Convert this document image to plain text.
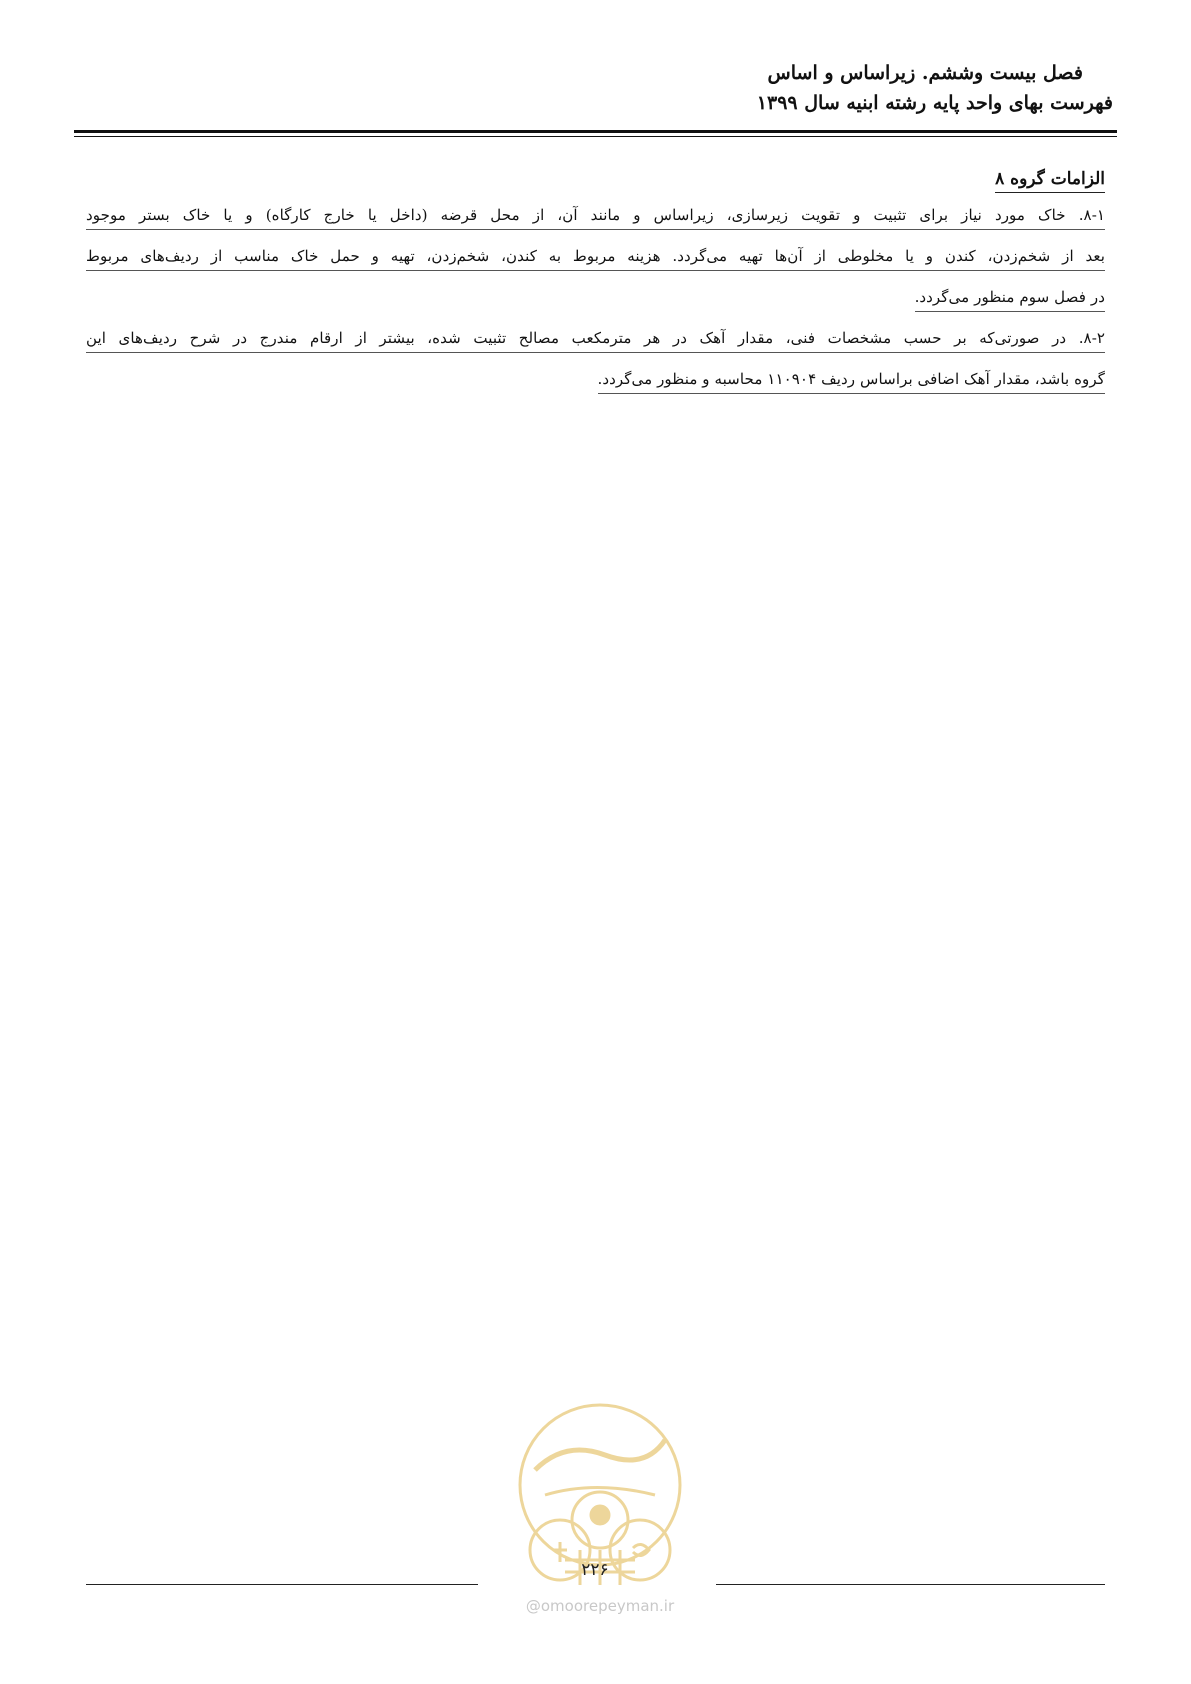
فصل بیست وششم. زیراساس و اساس
فهرست بهای واحد پایه رشته ابنیه سال ۱۳۹۹
الزامات گروه ۸
۸-۱. خاک مورد نیاز برای تثبیت و تقویت زیرسازی، زیراساس و مانند آن، از محل قرضه (داخل یا خارج کارگاه) و یا خاک بستر موجود
بعد از شخم‌زدن، کندن و یا مخلوطی از آن‌ها تهیه می‌گردد. هزینه مربوط به کندن، شخم‌زدن، تهیه و حمل خاک مناسب از ردیف‌های مربوط
در فصل سوم منظور می‌گردد.
۸-۲. در صورتی‌که بر حسب مشخصات فنی، مقدار آهک در هر مترمکعب مصالح تثبیت شده، بیشتر از ارقام مندرج در شرح ردیف‌های این
گروه باشد، مقدار آهک اضافی براساس ردیف ۱۱۰۹۰۴ محاسبه و منظور می‌گردد.
۲۲۶
@omoorepeyman.ir
